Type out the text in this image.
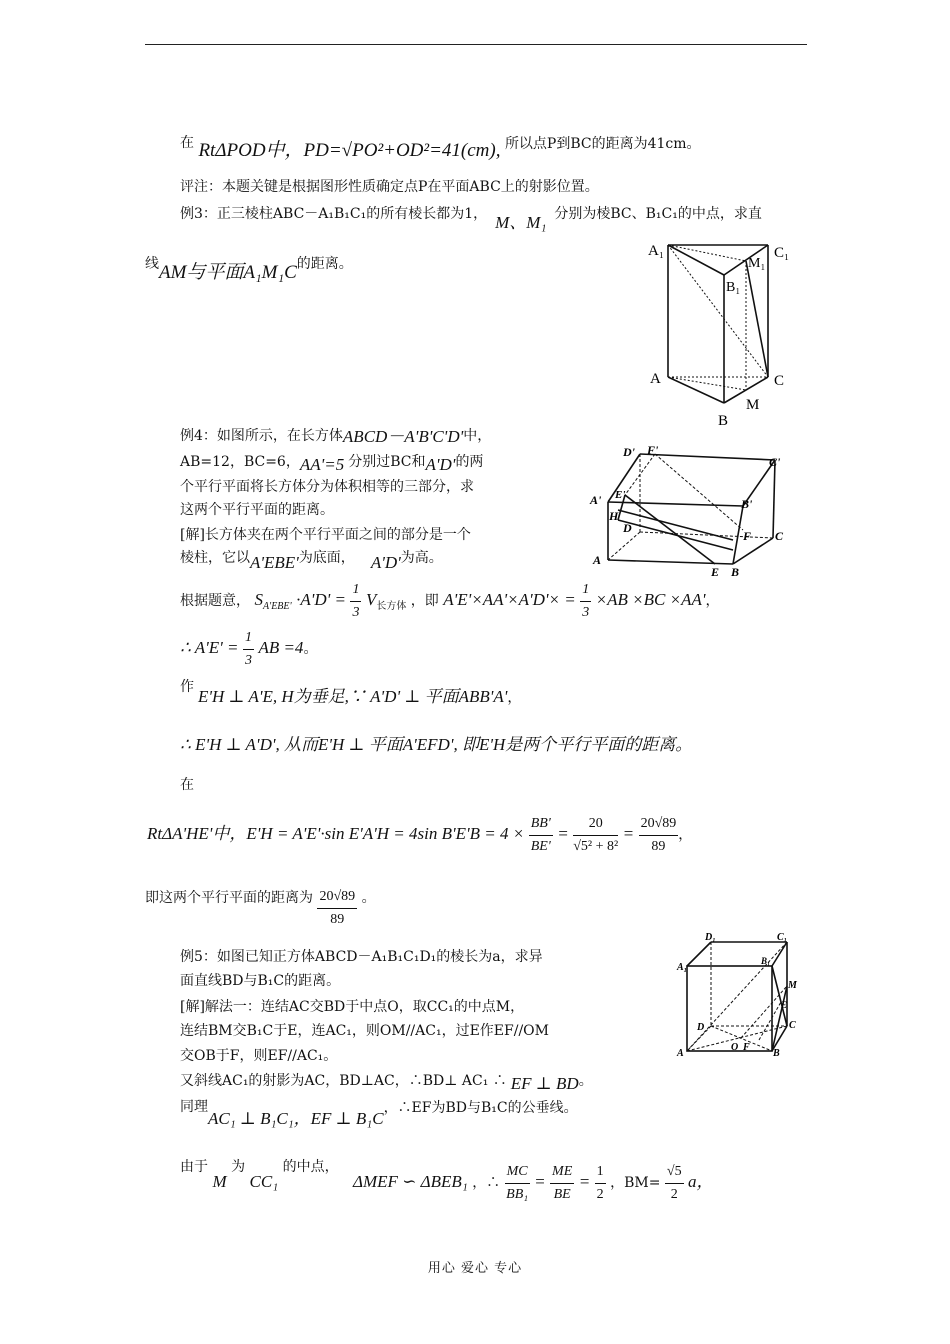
在 RtΔPOD中，PD=√PO²+OD²=41(cm), 所以点P到BC的距离为41cm。
评注：本题关键是根据图形性质确定点P在平面ABC上的射影位置。
例3：正三棱柱ABC－A₁B₁C₁的所有棱长都为1， M、M₁ 分别为棱BC、B₁C₁的中点，求直
线AM与平面A₁M₁C的距离。
A₁	C₁
M₁
B₁
A	C
M
B
例4：如图所示，在长方体ABCD－A'B'C'D'中，
AB=12，BC=6，AA'=5 分别过BC和A'D'的两
个平行平面将长方体分为体积相等的三部分，求
这两个平行平面的距离。
[解]长方体夹在两个平行平面之间的部分是一个
棱柱，它以A'EBE'为底面， A'D'为高。
D' F'
C'
A' E'
B'
H
D
F C
A
E B
根据题意， $S_{A'EBE'} \cdot A'D' = \frac{1}{3} V_{长方体}$ ，即 $A'E'\times AA'\times A'D'\times = \frac{1}{3} \times AB \times BC \times AA'$，
∴ $A'E' = \frac{1}{3}$ AB =4。
作 E'H ⊥ A'E, H为垂足,∵ A'D' ⊥ 平面ABB'A'，
∴ E'H ⊥ A'D', 从而E'H ⊥ 平面A'EFD', 即E'H是两个平行平面的距离。
在
RtΔA'HE'中，E'H = A'E'·sin E'A'H = 4sin $B'E'B = 4 \times \frac{BB'}{BE'} = \frac{20}{\text{√5² + 8²}} = \frac{20√89}{89}$ ，
即这两个平行平面的距离为 $\frac{20√89}{89}$ 。
例5：如图已知正方体ABCD－A₁B₁C₁D₁的棱长为a，求异
面直线BD与B₁C的距离。
[解]解法一：连结AC交BD于中点O，取CC₁的中点M，
连结BM交B₁C于E，连AC₁，则OM//AC₁，过E作EF//OM
交OB于F，则EF//AC₁。
又斜线AC₁的射影为AC，BD⊥AC，∴BD⊥ AC₁ ∴ EF ⊥ BD。
同理AC₁ ⊥ B₁C₁，EF ⊥ B₁C，∴EF为BD与B₁C的公垂线。
由于 M 为 CC₁ 的中点， ΔMEF ∽ ΔBEB₁ ，∴ $\frac{MC}{\text{BB₁}} = \frac{ME}{BE} = \frac{1}{2}$ ，$BM= \frac{√5}{2}$ a，
D₁	C₁
A₁
B₁
M
E
D	C
A
O F
B
用心 爱心 专心
